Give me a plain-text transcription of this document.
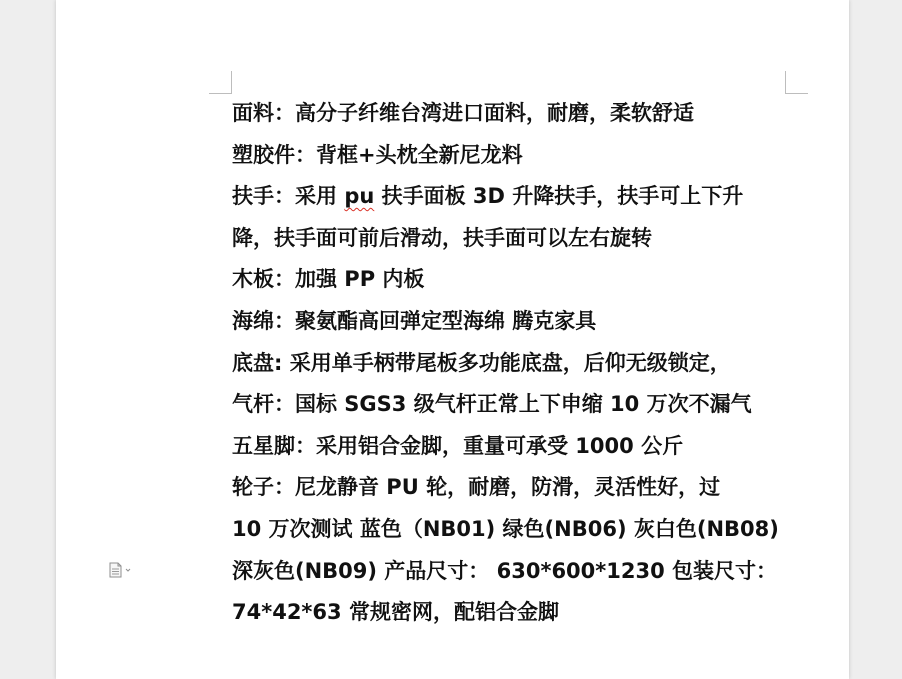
面料：高分子纤维台湾进口面料，耐磨，柔软舒适
塑胶件：背框+头枕全新尼龙料
扶手：采用 pu 扶手面板 3D 升降扶手，扶手可上下升
降，扶手面可前后滑动，扶手面可以左右旋转
木板：加强 PP 内板
海绵：聚氨酯高回弹定型海绵 腾克家具
底盘: 采用单手柄带尾板多功能底盘，后仰无级锁定，
气杆：国标 SGS3 级气杆正常上下申缩 10 万次不漏气
五星脚：采用铝合金脚，重量可承受 1000 公斤
轮子：尼龙静音 PU 轮，耐磨，防滑，灵活性好，过
10 万次测试 蓝色（NB01) 绿色(NB06) 灰白色(NB08)
深灰色(NB09) 产品尺寸： 630*600*1230 包装尺寸：
74*42*63 常规密网，配铝合金脚
